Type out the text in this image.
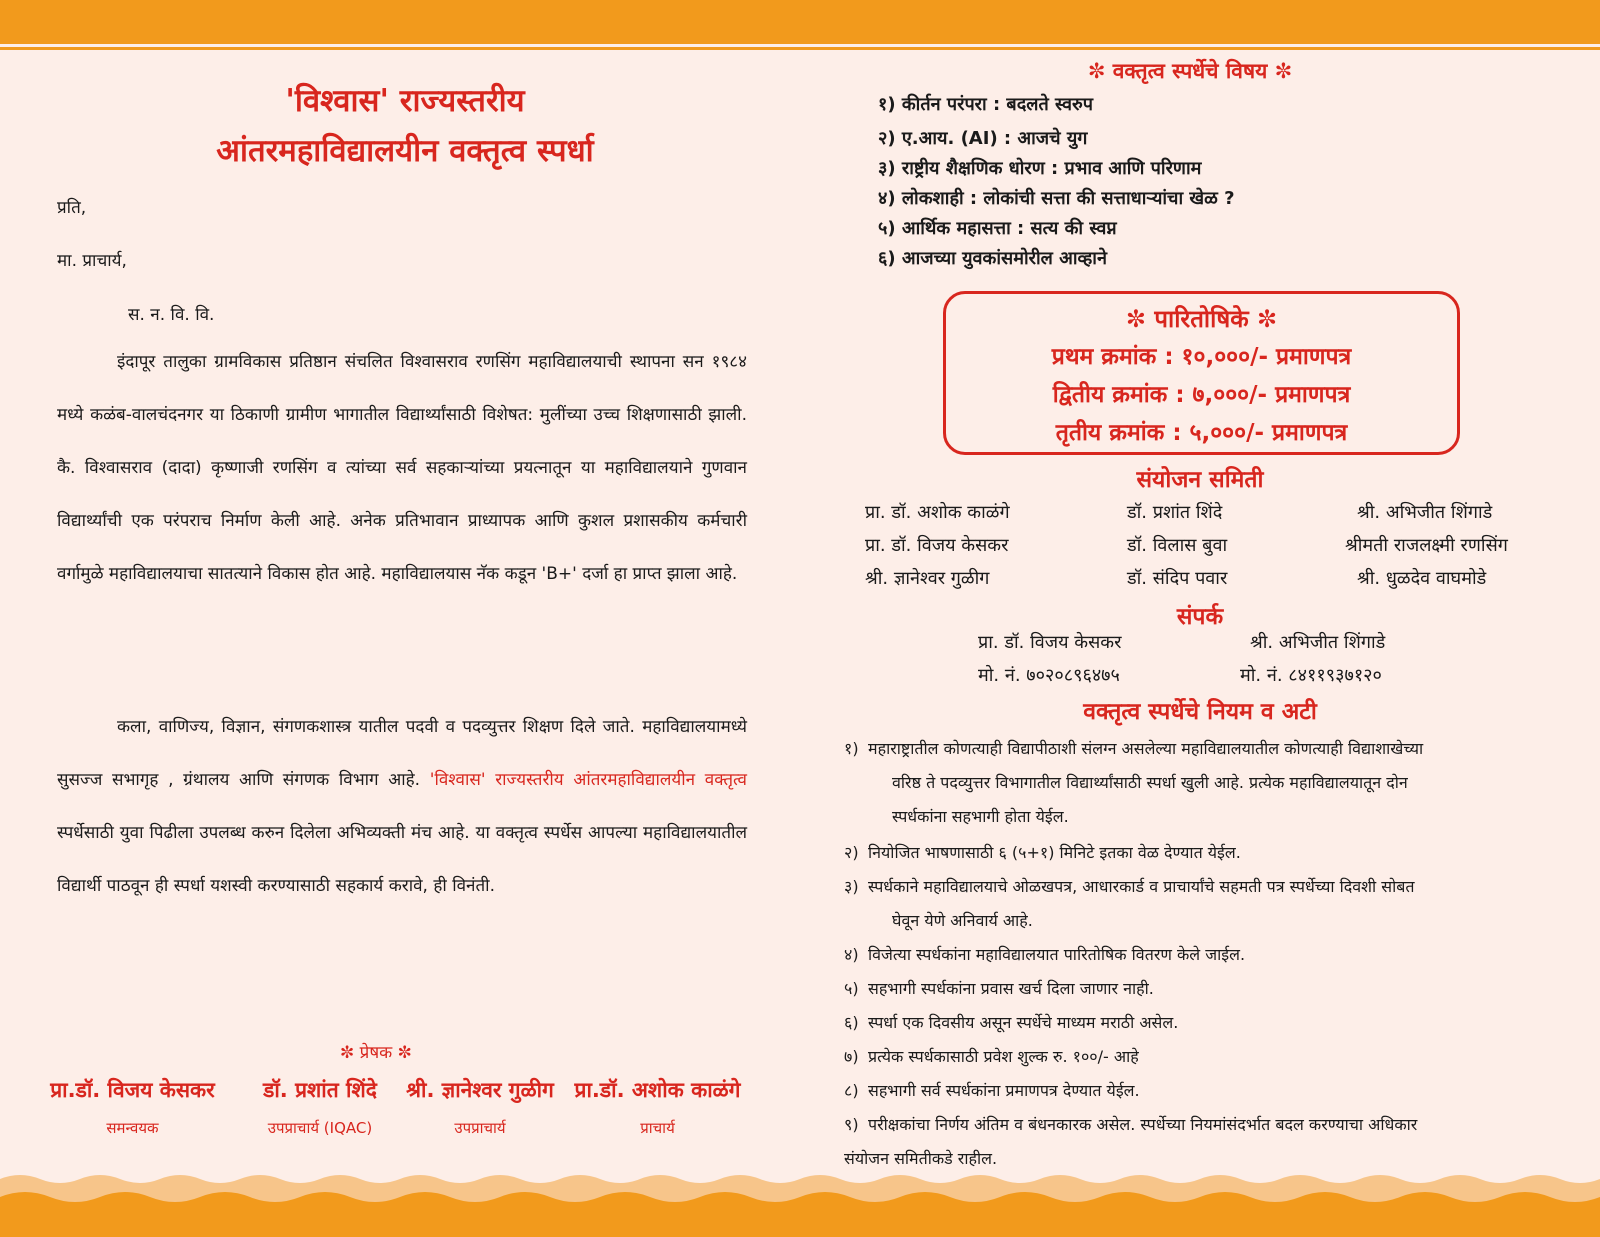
'विश्वास' राज्यस्तरीय
आंतरमहाविद्यालयीन वक्तृत्व स्पर्धा
प्रति,
मा. प्राचार्य,
स. न. वि. वि.
इंदापूर तालुका ग्रामविकास प्रतिष्ठान संचलित विश्वासराव रणसिंग महाविद्यालयाची स्थापना सन १९८४ मध्ये कळंब-वालचंदनगर या ठिकाणी ग्रामीण भागातील विद्यार्थ्यांसाठी विशेषत: मुलींच्या उच्च शिक्षणासाठी झाली. कै. विश्वासराव (दादा) कृष्णाजी रणसिंग व त्यांच्या सर्व सहकाऱ्यांच्या प्रयत्नातून या महाविद्यालयाने गुणवान विद्यार्थ्यांची एक परंपराच निर्माण केली आहे. अनेक प्रतिभावान प्राध्यापक आणि कुशल प्रशासकीय कर्मचारी वर्गामुळे महाविद्यालयाचा सातत्याने विकास होत आहे. महाविद्यालयास नॅक कडून 'B+' दर्जा हा प्राप्त झाला आहे.
कला, वाणिज्य, विज्ञान, संगणकशास्त्र यातील पदवी व पदव्युत्तर शिक्षण दिले जाते. महाविद्यालयामध्ये सुसज्ज सभागृह , ग्रंथालय आणि संगणक विभाग आहे. 'विश्वास' राज्यस्तरीय आंतरमहाविद्यालयीन वक्तृत्व स्पर्धेसाठी युवा पिढीला उपलब्ध करुन दिलेला अभिव्यक्ती मंच आहे. या वक्तृत्व स्पर्धेस आपल्या महाविद्यालयातील विद्यार्थी पाठवून ही स्पर्धा यशस्वी करण्यासाठी सहकार्य करावे, ही विनंती.
✼ प्रेषक ✼
प्रा.डॉ. विजय केसकर
समन्वयक
डॉ. प्रशांत शिंदे
उपप्राचार्य (IQAC)
श्री. ज्ञानेश्वर गुळीग
उपप्राचार्य
प्रा.डॉ. अशोक काळंगे
प्राचार्य
✼ वक्तृत्व स्पर्धेचे विषय ✼
१) कीर्तन परंपरा : बदलते स्वरुप
२) ए.आय. (AI) : आजचे युग
३) राष्ट्रीय शैक्षणिक धोरण : प्रभाव आणि परिणाम
४) लोकशाही : लोकांची सत्ता की सत्ताधाऱ्यांचा खेळ ?
५) आर्थिक महासत्ता : सत्य की स्वप्न
६) आजच्या युवकांसमोरील आव्हाने
✼ पारितोषिके ✼
प्रथम क्रमांक : १०,०००/- प्रमाणपत्र
द्वितीय क्रमांक : ७,०००/- प्रमाणपत्र
तृतीय क्रमांक : ५,०००/- प्रमाणपत्र
संयोजन समिती
प्रा. डॉ. अशोक काळंगे	डॉ. प्रशांत शिंदे	श्री. अभिजीत शिंगाडे
प्रा. डॉ. विजय केसकर	डॉ. विलास बुवा	श्रीमती राजलक्ष्मी रणसिंग
श्री. ज्ञानेश्वर गुळीग	डॉ. संदिप पवार	श्री. धुळदेव वाघमोडे
संपर्क
प्रा. डॉ. विजय केसकर
मो. नं. ७०२०८९६४७५
श्री. अभिजीत शिंगाडे
मो. नं. ८४११९३७१२०
वक्तृत्व स्पर्धेचे नियम व अटी
१) महाराष्ट्रातील कोणत्याही विद्यापीठाशी संलग्न असलेल्या महाविद्यालयातील कोणत्याही विद्याशाखेच्या
वरिष्ठ ते पदव्युत्तर विभागातील विद्यार्थ्यांसाठी स्पर्धा खुली आहे. प्रत्येक महाविद्यालयातून दोन
स्पर्धकांना सहभागी होता येईल.
२) नियोजित भाषणासाठी ६ (५+१) मिनिटे इतका वेळ देण्यात येईल.
३) स्पर्धकाने महाविद्यालयाचे ओळखपत्र, आधारकार्ड व प्राचार्यांचे सहमती पत्र स्पर्धेच्या दिवशी सोबत
घेवून येणे अनिवार्य आहे.
४) विजेत्या स्पर्धकांना महाविद्यालयात पारितोषिक वितरण केले जाईल.
५) सहभागी स्पर्धकांना प्रवास खर्च दिला जाणार नाही.
६) स्पर्धा एक दिवसीय असून स्पर्धेचे माध्यम मराठी असेल.
७) प्रत्येक स्पर्धकासाठी प्रवेश शुल्क रु. १००/- आहे
८) सहभागी सर्व स्पर्धकांना प्रमाणपत्र देण्यात येईल.
९) परीक्षकांचा निर्णय अंतिम व बंधनकारक असेल. स्पर्धेच्या नियमांसंदर्भात बदल करण्याचा अधिकार
संयोजन समितीकडे राहील.
